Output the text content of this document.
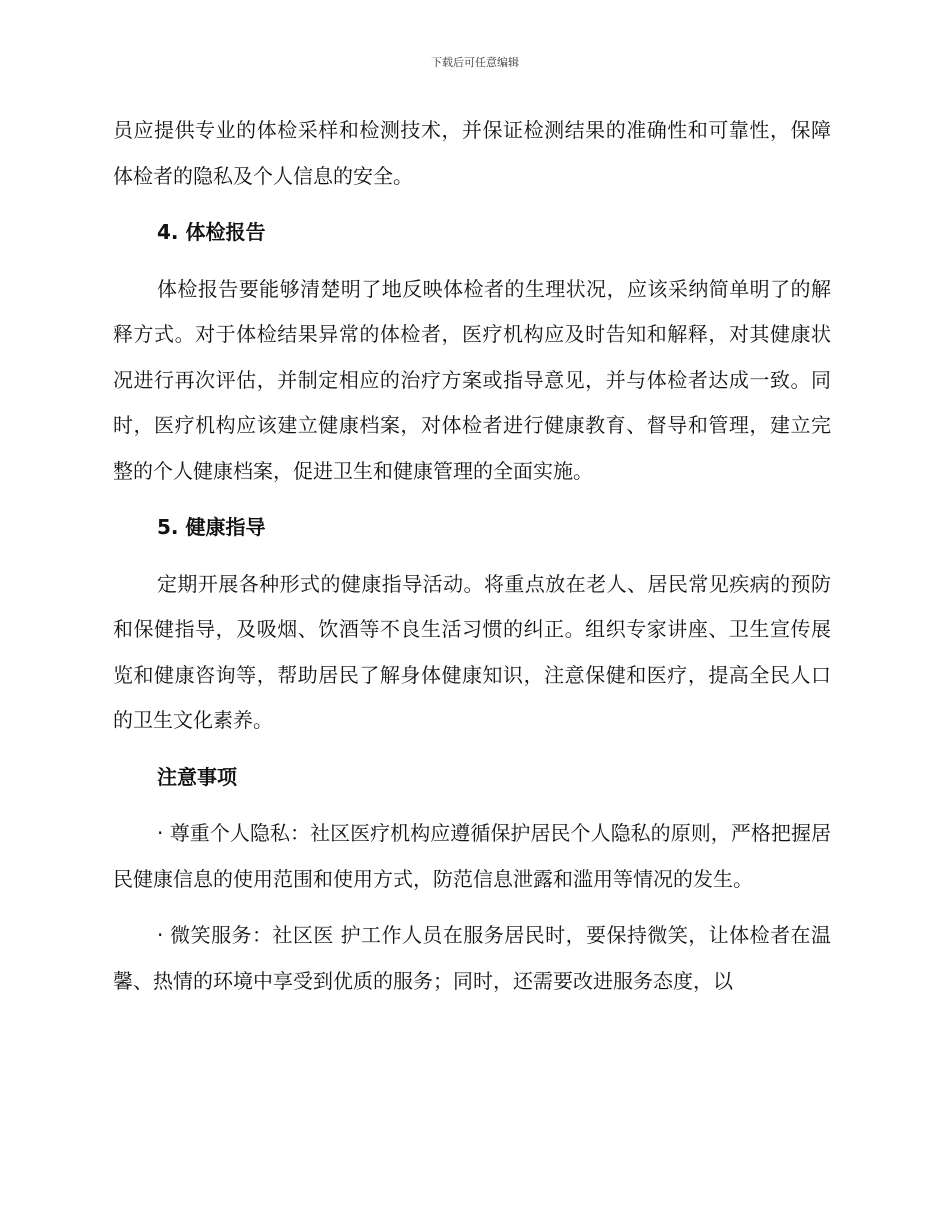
下载后可任意编辑

员应提供专业的体检采样和检测技术，并保证检测结果的准确性和可靠性，保障体检者的隐私及个人信息的安全。

4. 体检报告

体检报告要能够清楚明了地反映体检者的生理状况，应该采纳简单明了的解释方式。对于体检结果异常的体检者，医疗机构应及时告知和解释，对其健康状况进行再次评估，并制定相应的治疗方案或指导意见，并与体检者达成一致。同时，医疗机构应该建立健康档案，对体检者进行健康教育、督导和管理，建立完整的个人健康档案，促进卫生和健康管理的全面实施。

5. 健康指导

定期开展各种形式的健康指导活动。将重点放在老人、居民常见疾病的预防和保健指导，及吸烟、饮酒等不良生活习惯的纠正。组织专家讲座、卫生宣传展览和健康咨询等，帮助居民了解身体健康知识，注意保健和医疗，提高全民人口的卫生文化素养。

注意事项

· 尊重个人隐私：社区医疗机构应遵循保护居民个人隐私的原则，严格把握居民健康信息的使用范围和使用方式，防范信息泄露和滥用等情况的发生。

· 微笑服务：社区医 护工作人员在服务居民时，要保持微笑，让体检者在温馨、热情的环境中享受到优质的服务；同时，还需要改进服务态度，以
